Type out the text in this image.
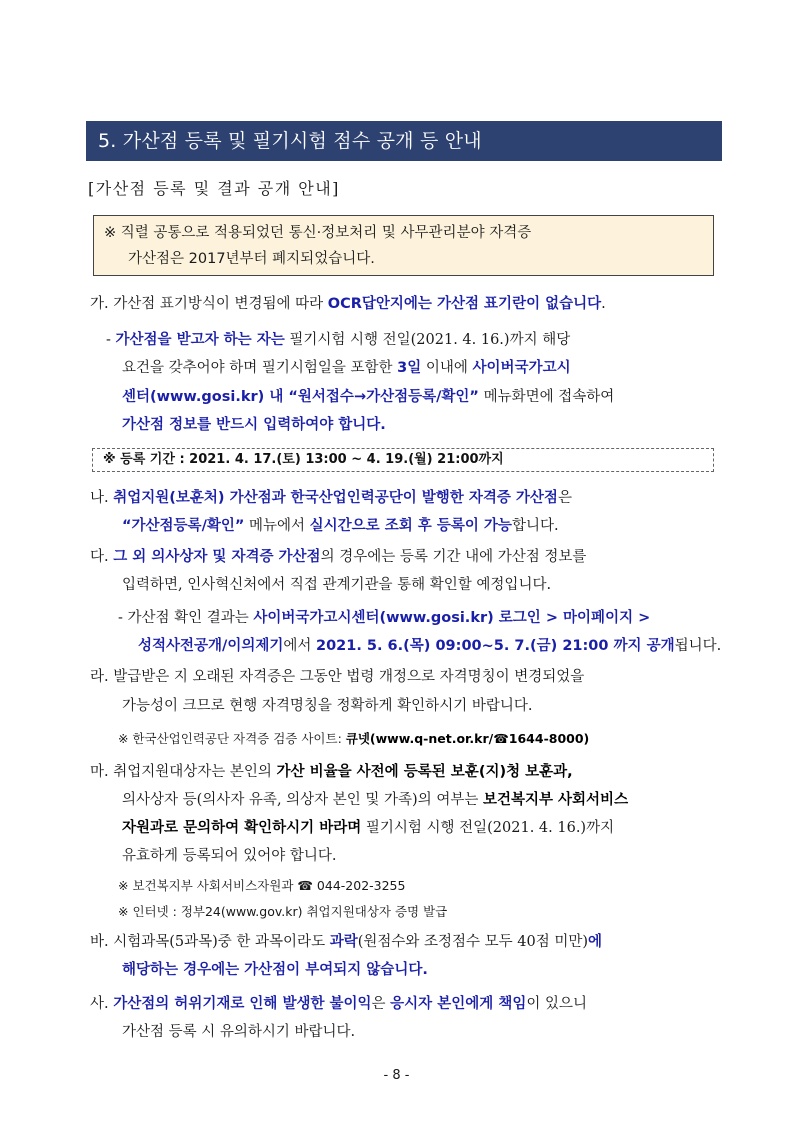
5. 가산점 등록 및 필기시험 점수 공개 등 안내
[가산점 등록 및 결과 공개 안내]
※ 직렬 공통으로 적용되었던 통신·정보처리 및 사무관리분야 자격증
가산점은 2017년부터 폐지되었습니다.
가. 가산점 표기방식이 변경됨에 따라 OCR답안지에는 가산점 표기란이 없습니다.
- 가산점을 받고자 하는 자는 필기시험 시행 전일(2021. 4. 16.)까지 해당
요건을 갖추어야 하며 필기시험일을 포함한 3일 이내에 사이버국가고시
센터(www.gosi.kr) 내 “원서접수→가산점등록/확인” 메뉴화면에 접속하여
가산점 정보를 반드시 입력하여야 합니다.
※ 등록 기간 : 2021. 4. 17.(토) 13:00 ~ 4. 19.(월) 21:00까지
나. 취업지원(보훈처) 가산점과 한국산업인력공단이 발행한 자격증 가산점은
“가산점등록/확인” 메뉴에서 실시간으로 조회 후 등록이 가능합니다.
다. 그 외 의사상자 및 자격증 가산점의 경우에는 등록 기간 내에 가산점 정보를
입력하면, 인사혁신처에서 직접 관계기관을 통해 확인할 예정입니다.
- 가산점 확인 결과는 사이버국가고시센터(www.gosi.kr) 로그인 > 마이페이지 >
성적사전공개/이의제기에서 2021. 5. 6.(목) 09:00~5. 7.(금) 21:00 까지 공개됩니다.
라. 발급받은 지 오래된 자격증은 그동안 법령 개정으로 자격명칭이 변경되었을
가능성이 크므로 현행 자격명칭을 정확하게 확인하시기 바랍니다.
※ 한국산업인력공단 자격증 검증 사이트: 큐넷(www.q-net.or.kr/☎1644-8000)
마. 취업지원대상자는 본인의 가산 비율을 사전에 등록된 보훈(지)청 보훈과,
의사상자 등(의사자 유족, 의상자 본인 및 가족)의 여부는 보건복지부 사회서비스
자원과로 문의하여 확인하시기 바라며 필기시험 시행 전일(2021. 4. 16.)까지
유효하게 등록되어 있어야 합니다.
※ 보건복지부 사회서비스자원과 ☎ 044-202-3255
※ 인터넷 : 정부24(www.gov.kr) 취업지원대상자 증명 발급
바. 시험과목(5과목)중 한 과목이라도 과락(원점수와 조정점수 모두 40점 미만)에
해당하는 경우에는 가산점이 부여되지 않습니다.
사. 가산점의 허위기재로 인해 발생한 불이익은 응시자 본인에게 책임이 있으니
가산점 등록 시 유의하시기 바랍니다.
- 8 -
